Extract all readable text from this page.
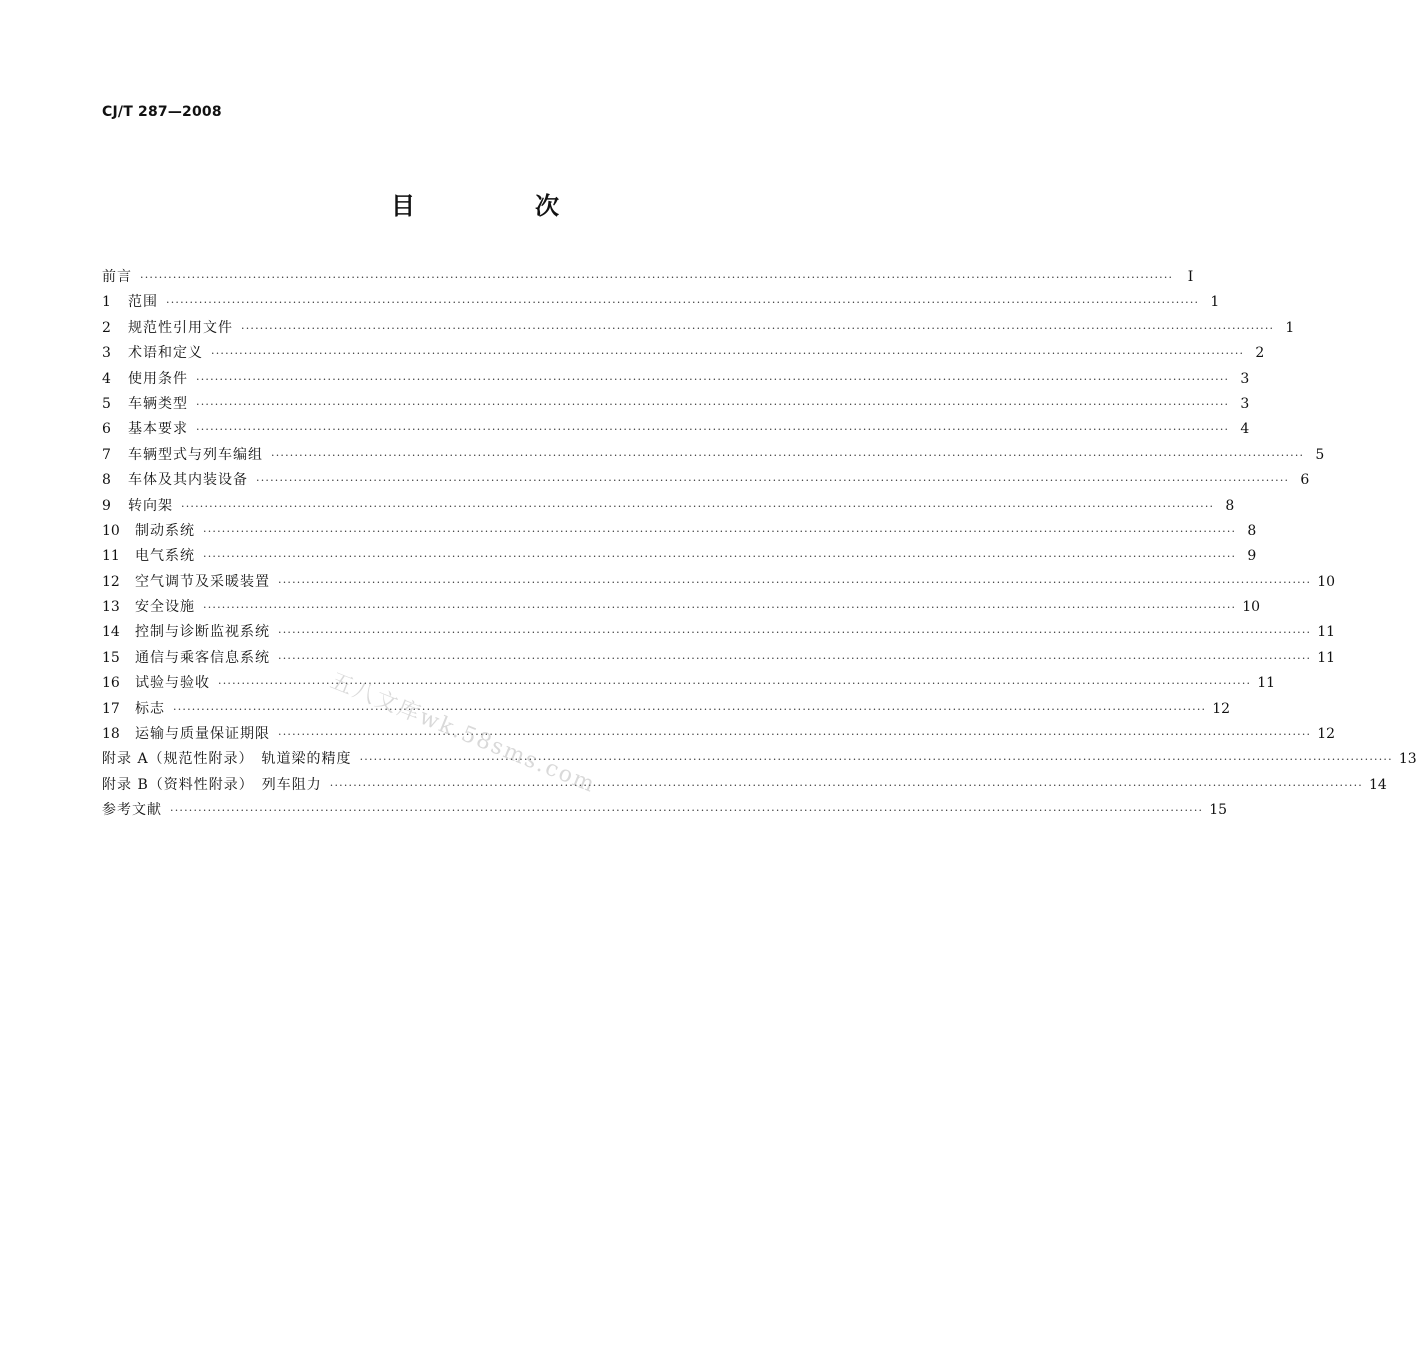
CJ/T 287—2008
目　次
前言 ····························································································································································································································	I
1	范围 ···························································································································································································································· 1
2	规范性引用文件 ···························································································································································································································· 1
3	术语和定义 ···························································································································································································································· 2
4	使用条件 ···························································································································································································································· 3
5	车辆类型 ···························································································································································································································· 3
6	基本要求 ···························································································································································································································· 4
7	车辆型式与列车编组 ···························································································································································································································· 5
8	车体及其内装设备 ···························································································································································································································· 6
9	转向架 ···························································································································································································································· 8
10	制动系统 ···························································································································································································································· 8
11	电气系统 ···························································································································································································································· 9
12	空气调节及采暖装置 ···························································································································································································································· 10
13	安全设施 ···························································································································································································································· 10
14	控制与诊断监视系统 ···························································································································································································································· 11
15	通信与乘客信息系统 ···························································································································································································································· 11
16	试验与验收 ···························································································································································································································· 11
17	标志 ···························································································································································································································· 12
18	运输与质量保证期限 ···························································································································································································································· 12
附录 A（规范性附录）　轨道梁的精度 ···························································································································································································································· 13
附录 B（资料性附录）　列车阻力 ···························································································································································································································· 14
参考文献 ···························································································································································································································· 15
五八文库wk.58sms.com
